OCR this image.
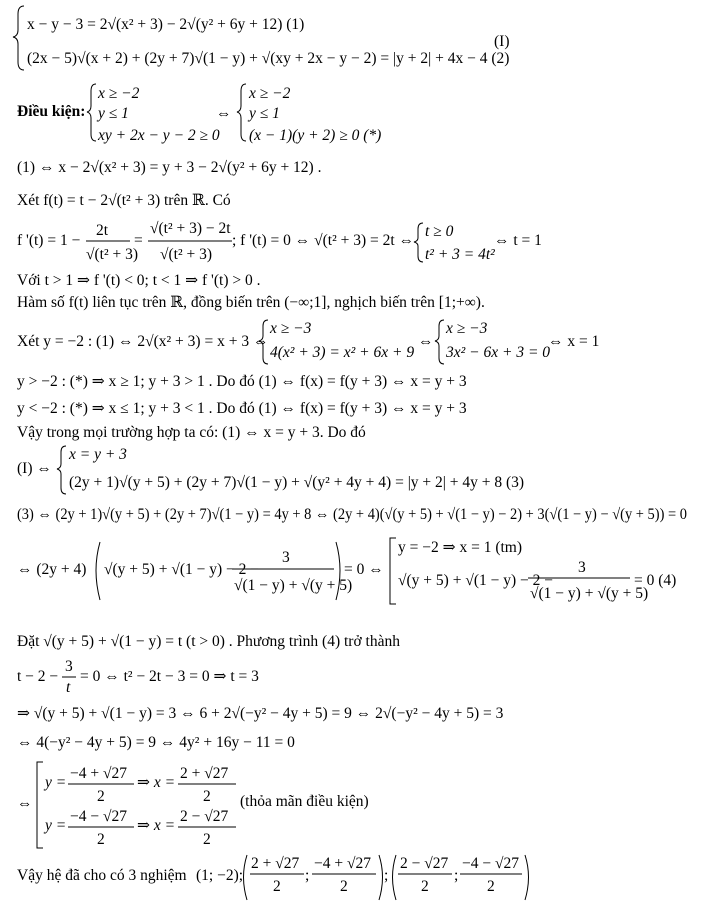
x − y − 3 = 2√(x² + 3) − 2√(y² + 6y + 12) (1)
(2x − 5)√(x + 2) + (2y + 7)√(1 − y) + √(xy + 2x − y − 2) = |y + 2| + 4x − 4 (2)
(I)
Điều kiện:
x ≥ −2
y ≤ 1
xy + 2x − y − 2 ≥ 0
⇔
x ≥ −2
y ≤ 1
(x − 1)(y + 2) ≥ 0 (*)
(1) ⇔ x − 2√(x² + 3) = y + 3 − 2√(y² + 6y + 12) .
Xét f(t) = t − 2√(t² + 3) trên ℝ. Có
f '(t) = 1 −
2t
√(t² + 3)
=
√(t² + 3) − 2t
√(t² + 3)
; f '(t) = 0 ⇔ √(t² + 3) = 2t ⇔
t ≥ 0
t² + 3 = 4t²
⇔ t = 1
Với t > 1 ⇒ f '(t) < 0; t < 1 ⇒ f '(t) > 0 .
Hàm số f(t) liên tục trên ℝ, đồng biến trên (−∞;1], nghịch biến trên [1;+∞).
Xét y = −2 : (1) ⇔ 2√(x² + 3) = x + 3 ⇔
x ≥ −3
4(x² + 3) = x² + 6x + 9
⇔
x ≥ −3
3x² − 6x + 3 = 0
⇔ x = 1
y > −2 : (*) ⇒ x ≥ 1; y + 3 > 1 . Do đó (1) ⇔ f(x) = f(y + 3) ⇔ x = y + 3
y < −2 : (*) ⇒ x ≤ 1; y + 3 < 1 . Do đó (1) ⇔ f(x) = f(y + 3) ⇔ x = y + 3
Vậy trong mọi trường hợp ta có: (1) ⇔ x = y + 3. Do đó
(I) ⇔
x = y + 3
(2y + 1)√(y + 5) + (2y + 7)√(1 − y) + √(y² + 4y + 4) = |y + 2| + 4y + 8 (3)
(3) ⇔ (2y + 1)√(y + 5) + (2y + 7)√(1 − y) = 4y + 8 ⇔ (2y + 4)(√(y + 5) + √(1 − y) − 2) + 3(√(1 − y) − √(y + 5)) = 0
⇔ (2y + 4) √(y + 5) + √(1 − y) − 2 −
3
√(1 − y) + √(y + 5)
= 0 ⇔
y = −2 ⇒ x = 1 (tm)
√(y + 5) + √(1 − y) − 2 −
3
√(1 − y) + √(y + 5)
= 0 (4)
Đặt √(y + 5) + √(1 − y) = t (t > 0) . Phương trình (4) trở thành
t − 2 −
3
t
= 0 ⇔ t² − 2t − 3 = 0 ⇒ t = 3
⇒ √(y + 5) + √(1 − y) = 3 ⇔ 6 + 2√(−y² − 4y + 5) = 9 ⇔ 2√(−y² − 4y + 5) = 3
⇔ 4(−y² − 4y + 5) = 9 ⇔ 4y² + 16y − 11 = 0
⇔
y =
−4 + √27
2
⇒ x =
2 + √27
2 (thỏa mãn điều kiện)
y =
−4 − √27
2
⇒ x =
2 − √27
2
Vậy hệ đã cho có 3 nghiệm (1; −2);
2 + √27
2
;
−4 + √27
2
;
2 − √27
2
;
−4 − √27
2
